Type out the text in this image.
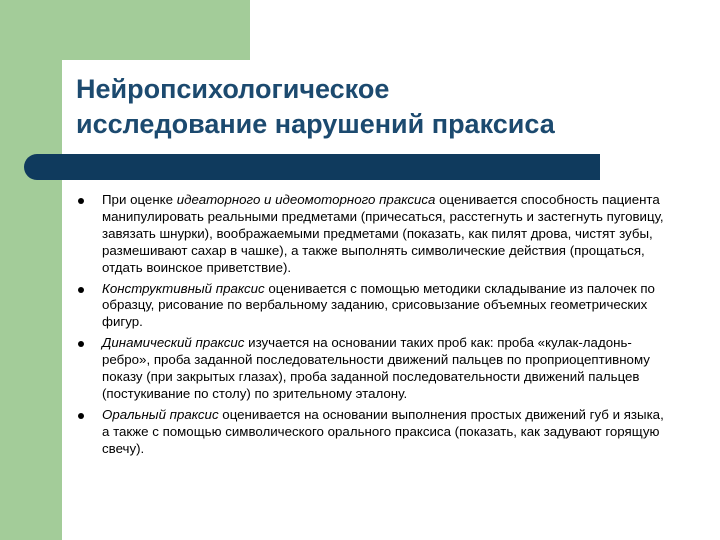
Нейропсихологическое
исследование нарушений праксиса
При оценке идеаторного и идеомоторного праксиса оценивается способность пациента манипулировать реальными предметами (причесаться, расстегнуть и застегнуть пуговицу, завязать шнурки), воображаемыми предметами (показать, как пилят дрова, чистят зубы, размешивают сахар в чашке), а также выполнять символические действия (прощаться, отдать воинское приветствие).
Конструктивный праксис оценивается с помощью методики складывание из палочек по образцу, рисование по вербальному заданию, срисовызание объемных геометрических фигур.
Динамический праксис изучается на основании таких проб как: проба «кулак-ладонь-ребро», проба заданной последовательности движений пальцев по проприоцептивному показу (при закрытых глазах), проба заданной последовательности движений пальцев (постукивание по столу) по зрительному эталону.
Оральный праксис оценивается на основании выполнения простых движений губ и языка, а также с помощью символического орального праксиса (показать, как задувают горящую свечу).
